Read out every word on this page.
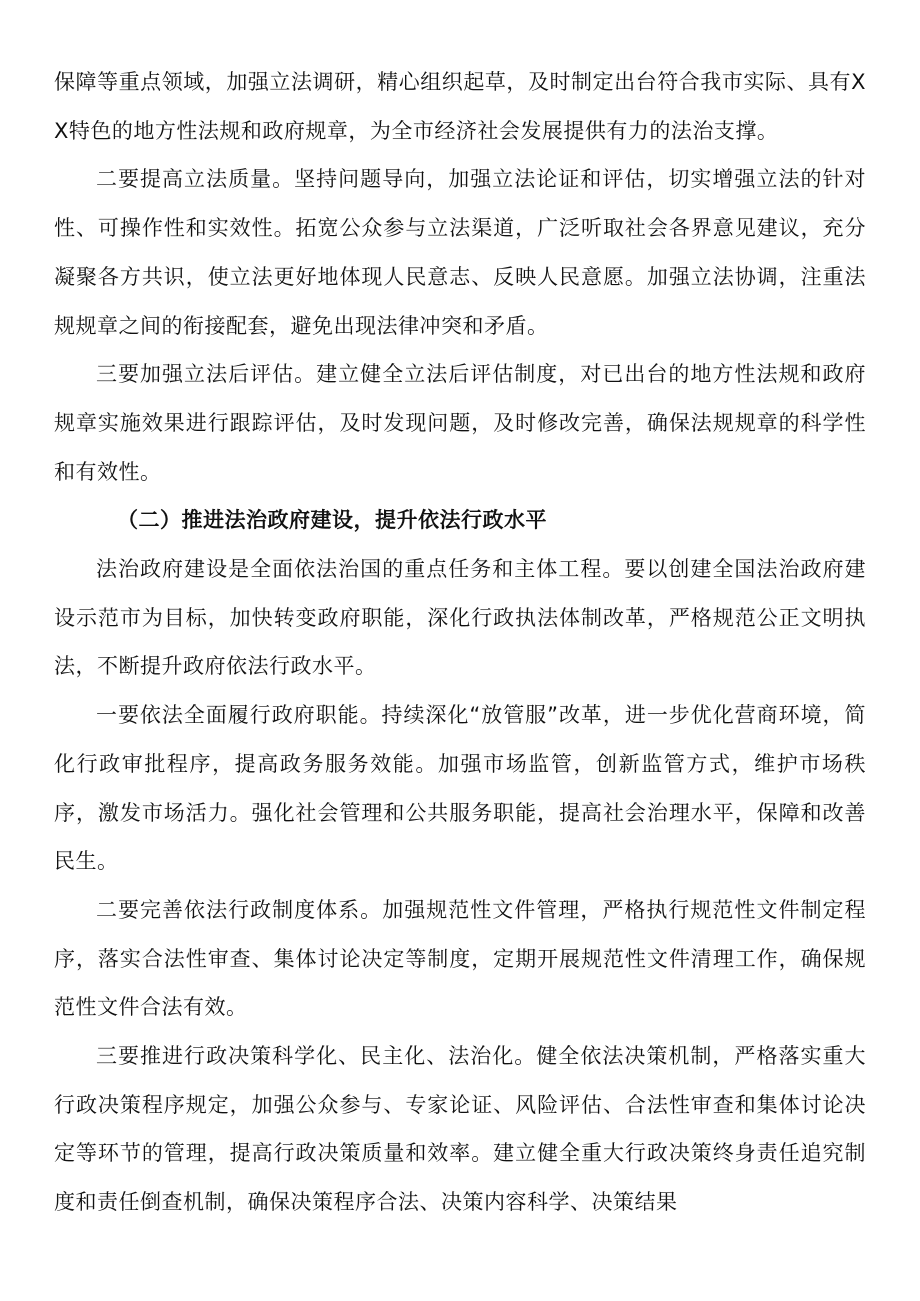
保障等重点领域，加强立法调研，精心组织起草，及时制定出台符合我市实际、具有XX特色的地方性法规和政府规章，为全市经济社会发展提供有力的法治支撑。

二要提高立法质量。坚持问题导向，加强立法论证和评估，切实增强立法的针对性、可操作性和实效性。拓宽公众参与立法渠道，广泛听取社会各界意见建议，充分凝聚各方共识，使立法更好地体现人民意志、反映人民意愿。加强立法协调，注重法规规章之间的衔接配套，避免出现法律冲突和矛盾。

三要加强立法后评估。建立健全立法后评估制度，对已出台的地方性法规和政府规章实施效果进行跟踪评估，及时发现问题，及时修改完善，确保法规规章的科学性和有效性。

（二）推进法治政府建设，提升依法行政水平

法治政府建设是全面依法治国的重点任务和主体工程。要以创建全国法治政府建设示范市为目标，加快转变政府职能，深化行政执法体制改革，严格规范公正文明执法，不断提升政府依法行政水平。

一要依法全面履行政府职能。持续深化“放管服”改革，进一步优化营商环境，简化行政审批程序，提高政务服务效能。加强市场监管，创新监管方式，维护市场秩序，激发市场活力。强化社会管理和公共服务职能，提高社会治理水平，保障和改善民生。

二要完善依法行政制度体系。加强规范性文件管理，严格执行规范性文件制定程序，落实合法性审查、集体讨论决定等制度，定期开展规范性文件清理工作，确保规范性文件合法有效。

三要推进行政决策科学化、民主化、法治化。健全依法决策机制，严格落实重大行政决策程序规定，加强公众参与、专家论证、风险评估、合法性审查和集体讨论决定等环节的管理，提高行政决策质量和效率。建立健全重大行政决策终身责任追究制度和责任倒查机制，确保决策程序合法、决策内容科学、决策结果
